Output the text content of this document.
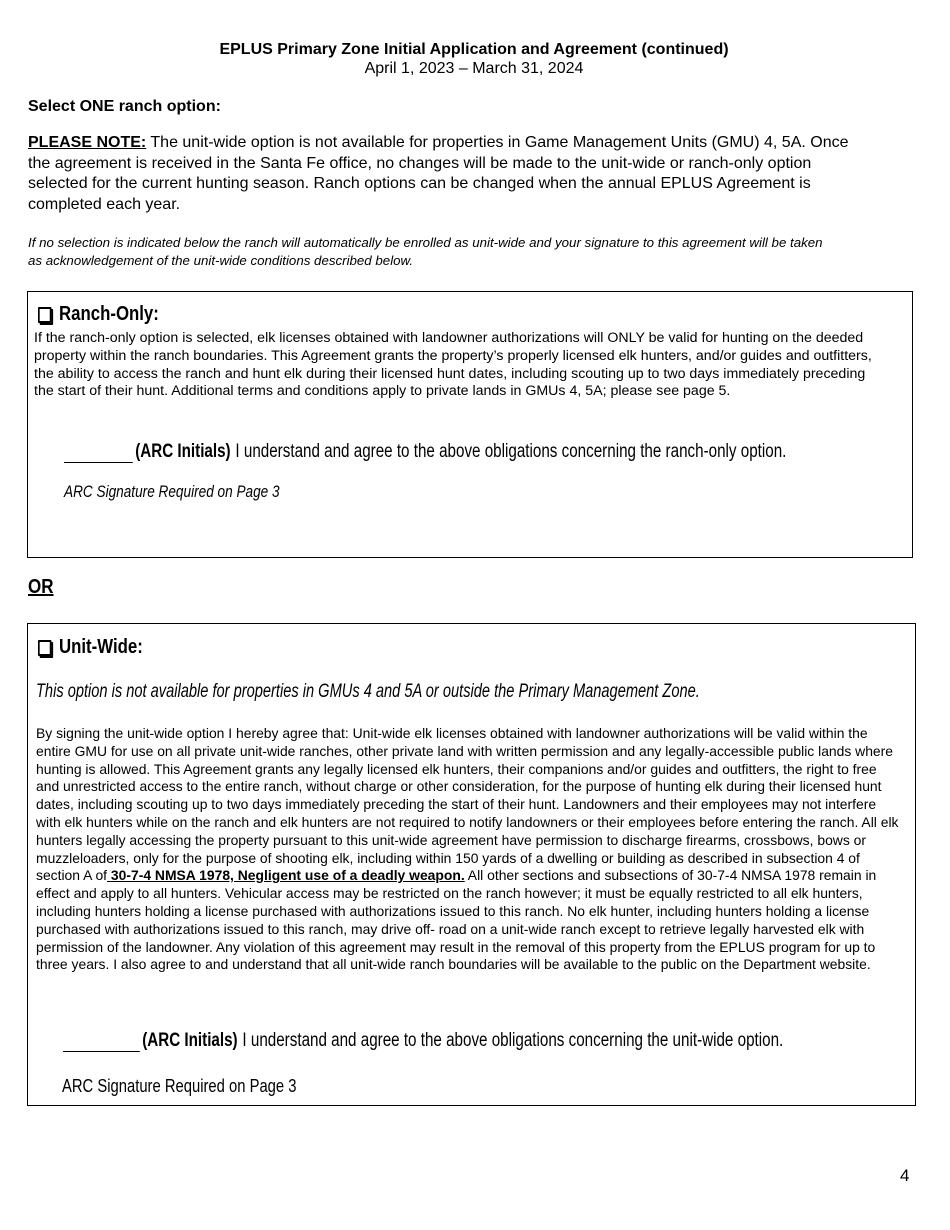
EPLUS Primary Zone Initial Application and Agreement (continued)
April 1, 2023 – March 31, 2024
Select ONE ranch option:
PLEASE NOTE: The unit-wide option is not available for properties in Game Management Units (GMU) 4, 5A. Once the agreement is received in the Santa Fe office, no changes will be made to the unit-wide or ranch-only option selected for the current hunting season. Ranch options can be changed when the annual EPLUS Agreement is completed each year.
If no selection is indicated below the ranch will automatically be enrolled as unit-wide and your signature to this agreement will be taken as acknowledgement of the unit-wide conditions described below.
Ranch-Only:
If the ranch-only option is selected, elk licenses obtained with landowner authorizations will ONLY be valid for hunting on the deeded property within the ranch boundaries. This Agreement grants the property’s properly licensed elk hunters, and/or guides and outfitters, the ability to access the ranch and hunt elk during their licensed hunt dates, including scouting up to two days immediately preceding the start of their hunt. Additional terms and conditions apply to private lands in GMUs 4, 5A; please see page 5.
(ARC Initials) I understand and agree to the above obligations concerning the ranch-only option.
ARC Signature Required on Page 3
OR
Unit-Wide:
This option is not available for properties in GMUs 4 and 5A or outside the Primary Management Zone.
By signing the unit-wide option I hereby agree that: Unit-wide elk licenses obtained with landowner authorizations will be valid within the entire GMU for use on all private unit-wide ranches, other private land with written permission and any legally-accessible public lands where hunting is allowed. This Agreement grants any legally licensed elk hunters, their companions and/or guides and outfitters, the right to free and unrestricted access to the entire ranch, without charge or other consideration, for the purpose of hunting elk during their licensed hunt dates, including scouting up to two days immediately preceding the start of their hunt. Landowners and their employees may not interfere with elk hunters while on the ranch and elk hunters are not required to notify landowners or their employees before entering the ranch. All elk hunters legally accessing the property pursuant to this unit-wide agreement have permission to discharge firearms, crossbows, bows or muzzleloaders, only for the purpose of shooting elk, including within 150 yards of a dwelling or building as described in subsection 4 of section A of 30-7-4 NMSA 1978, Negligent use of a deadly weapon. All other sections and subsections of 30-7-4 NMSA 1978 remain in effect and apply to all hunters. Vehicular access may be restricted on the ranch however; it must be equally restricted to all elk hunters, including hunters holding a license purchased with authorizations issued to this ranch. No elk hunter, including hunters holding a license purchased with authorizations issued to this ranch, may drive off- road on a unit-wide ranch except to retrieve legally harvested elk with permission of the landowner. Any violation of this agreement may result in the removal of this property from the EPLUS program for up to three years. I also agree to and understand that all unit-wide ranch boundaries will be available to the public on the Department website.
(ARC Initials) I understand and agree to the above obligations concerning the unit-wide option.
ARC Signature Required on Page 3
4
